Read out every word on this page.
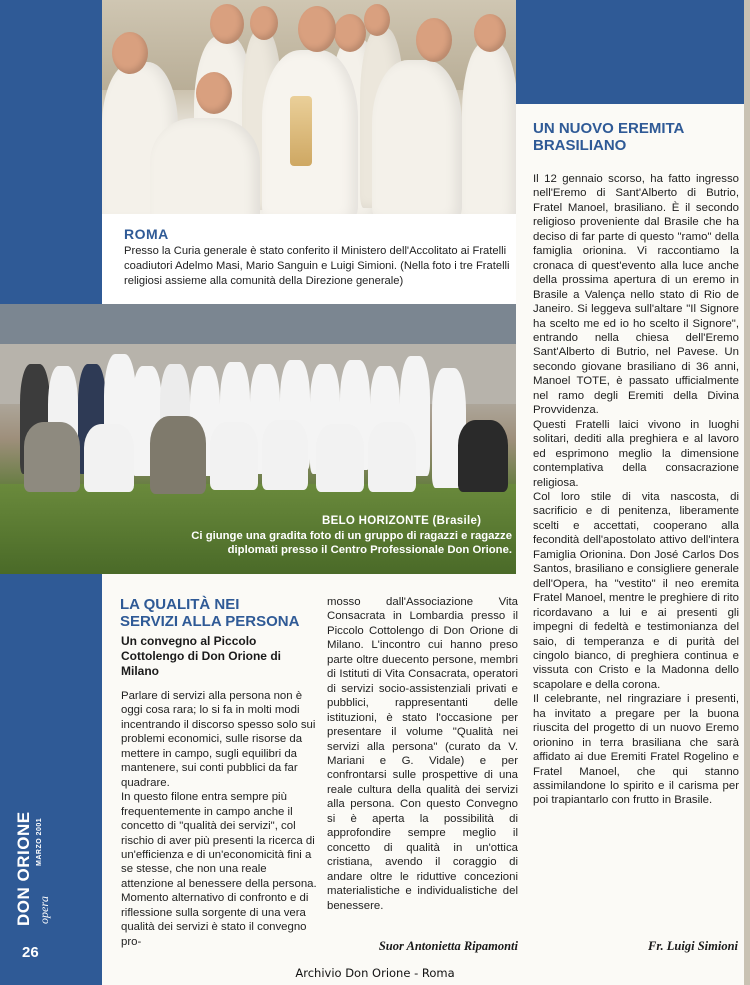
ROMA
Presso la Curia generale è stato conferito il Ministero dell'Accolitato ai Fratelli coadiutori Adelmo Masi, Mario Sanguin e Luigi Simioni. (Nella foto i tre Fratelli religiosi assieme alla comunità della Direzione generale)
BELO HORIZONTE (Brasile)
Ci giunge una gradita foto di un gruppo di ragazzi e ragazze
diplomati presso il Centro Professionale Don Orione.
UN NUOVO EREMITA
BRASILIANO

Il 12 gennaio scorso, ha fatto ingresso nell'Eremo di Sant'Alberto di Butrio, Fratel Manoel, brasiliano. È il secondo religioso proveniente dal Brasile che ha deciso di far parte di questo "ramo" della famiglia orionina. Vi raccontiamo la cronaca di quest'evento alla luce anche della prossima apertura di un eremo in Brasile a Valença nello stato di Rio de Janeiro. Si leggeva sull'altare "Il Signore ha scelto me ed io ho scelto il Signore", entrando nella chiesa dell'Eremo Sant'Alberto di Butrio, nel Pavese. Un secondo giovane brasiliano di 36 anni, Manoel TOTE, è passato ufficialmente nel ramo degli Eremiti della Divina Provvidenza.

Questi Fratelli laici vivono in luoghi solitari, dediti alla preghiera e al lavoro ed esprimono meglio la dimensione contemplativa della consacrazione religiosa.

Col loro stile di vita nascosta, di sacrificio e di penitenza, liberamente scelti e accettati, cooperano alla fecondità dell'apostolato attivo dell'intera Famiglia Orionina. Don José Carlos Dos Santos, brasiliano e consigliere generale dell'Opera, ha "vestito" il neo eremita Fratel Manoel, mentre le preghiere di rito ricordavano a lui e ai presenti gli impegni di fedeltà e testimonianza del saio, di temperanza e di purità del cingolo bianco, di preghiera continua e vissuta con Cristo e la Madonna dello scapolare e della corona.

Il celebrante, nel ringraziare i presenti, ha invitato a pregare per la buona riuscita del progetto di un nuovo Eremo orionino in terra brasiliana che sarà affidato ai due Eremiti Fratel Rogelino e Fratel Manoel, che qui stanno assimilandone lo spirito e il carisma per poi trapiantarlo con frutto in Brasile.

Fr. Luigi Simioni
LA QUALITÀ NEI
SERVIZI ALLA PERSONA
Un convegno al Piccolo Cottolengo di Don Orione di Milano

Parlare di servizi alla persona non è oggi cosa rara; lo si fa in molti modi incentrando il discorso spesso solo sui problemi economici, sulle risorse da mettere in campo, sugli equilibri da mantenere, sui conti pubblici da far quadrare.

In questo filone entra sempre più frequentemente in campo anche il concetto di "qualità dei servizi", col rischio di aver più presenti la ricerca di un'efficienza e di un'economicità fini a se stesse, che non una reale attenzione al benessere della persona. Momento alternativo di confronto e di riflessione sulla sorgente di una vera qualità dei servizi è stato il convegno pro-

mosso dall'Associazione Vita Consacrata in Lombardia presso il Piccolo Cottolengo di Don Orione di Milano. L'incontro cui hanno preso parte oltre duecento persone, membri di Istituti di Vita Consacrata, operatori di servizi socio-assistenziali privati e pubblici, rappresentanti delle istituzioni, è stato l'occasione per presentare il volume "Qualità nei servizi alla persona" (curato da V. Mariani e G. Vidale) e per confrontarsi sulle prospettive di una reale cultura della qualità dei servizi alla persona. Con questo Convegno si è aperta la possibilità di approfondire sempre meglio il concetto di qualità in un'ottica cristiana, avendo il coraggio di andare oltre le riduttive concezioni materialistiche e individualistiche del benessere.

Suor Antonietta Ripamonti
DON ORIONE opera
MARZO 2001
26
Archivio Don Orione - Roma
